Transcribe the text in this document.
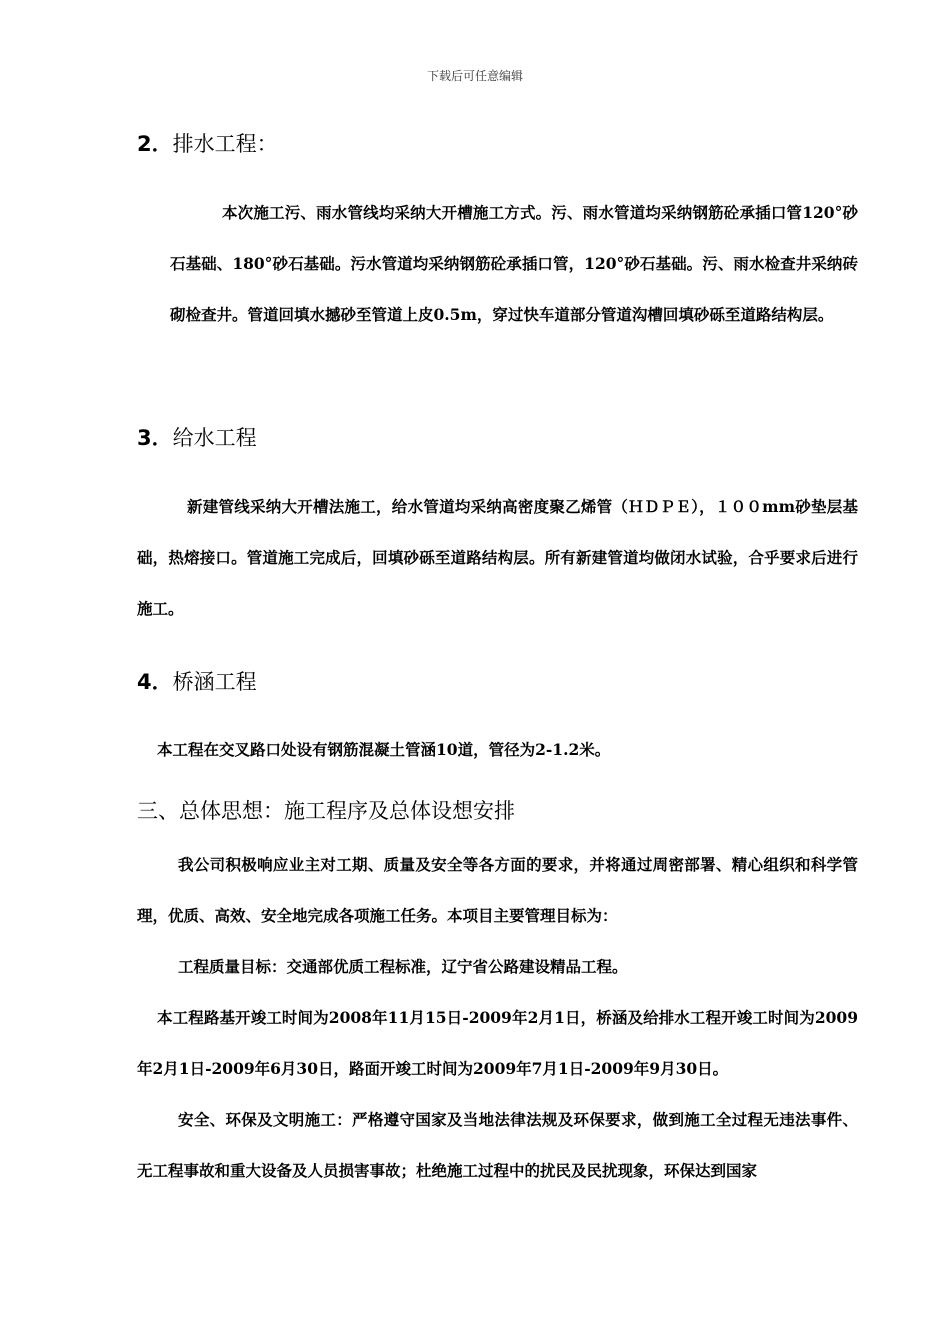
下载后可任意编辑
2．排水工程：
本次施工污、雨水管线均采纳大开槽施工方式。污、雨水管道均采纳钢筋砼承插口管120°砂石基础、180°砂石基础。污水管道均采纳钢筋砼承插口管，120°砂石基础。污、雨水检查井采纳砖砌检查井。管道回填水撼砂至管道上皮0.5m，穿过快车道部分管道沟槽回填砂砾至道路结构层。
3．给水工程
新建管线采纳大开槽法施工，给水管道均采纳高密度聚乙烯管（ＨＤＰＥ），１００mm砂垫层基础，热熔接口。管道施工完成后，回填砂砾至道路结构层。所有新建管道均做闭水试验，合乎要求后进行施工。
4．桥涵工程
本工程在交叉路口处设有钢筋混凝土管涵10道，管径为2-1.2米。
三、总体思想：施工程序及总体设想安排
我公司积极响应业主对工期、质量及安全等各方面的要求，并将通过周密部署、精心组织和科学管理，优质、高效、安全地完成各项施工任务。本项目主要管理目标为：
工程质量目标：交通部优质工程标准，辽宁省公路建设精品工程。
本工程路基开竣工时间为2008年11月15日-2009年2月1日，桥涵及给排水工程开竣工时间为2009年2月1日-2009年6月30日，路面开竣工时间为2009年7月1日-2009年9月30日。
安全、环保及文明施工：严格遵守国家及当地法律法规及环保要求，做到施工全过程无违法事件、无工程事故和重大设备及人员损害事故；杜绝施工过程中的扰民及民扰现象，环保达到国家
